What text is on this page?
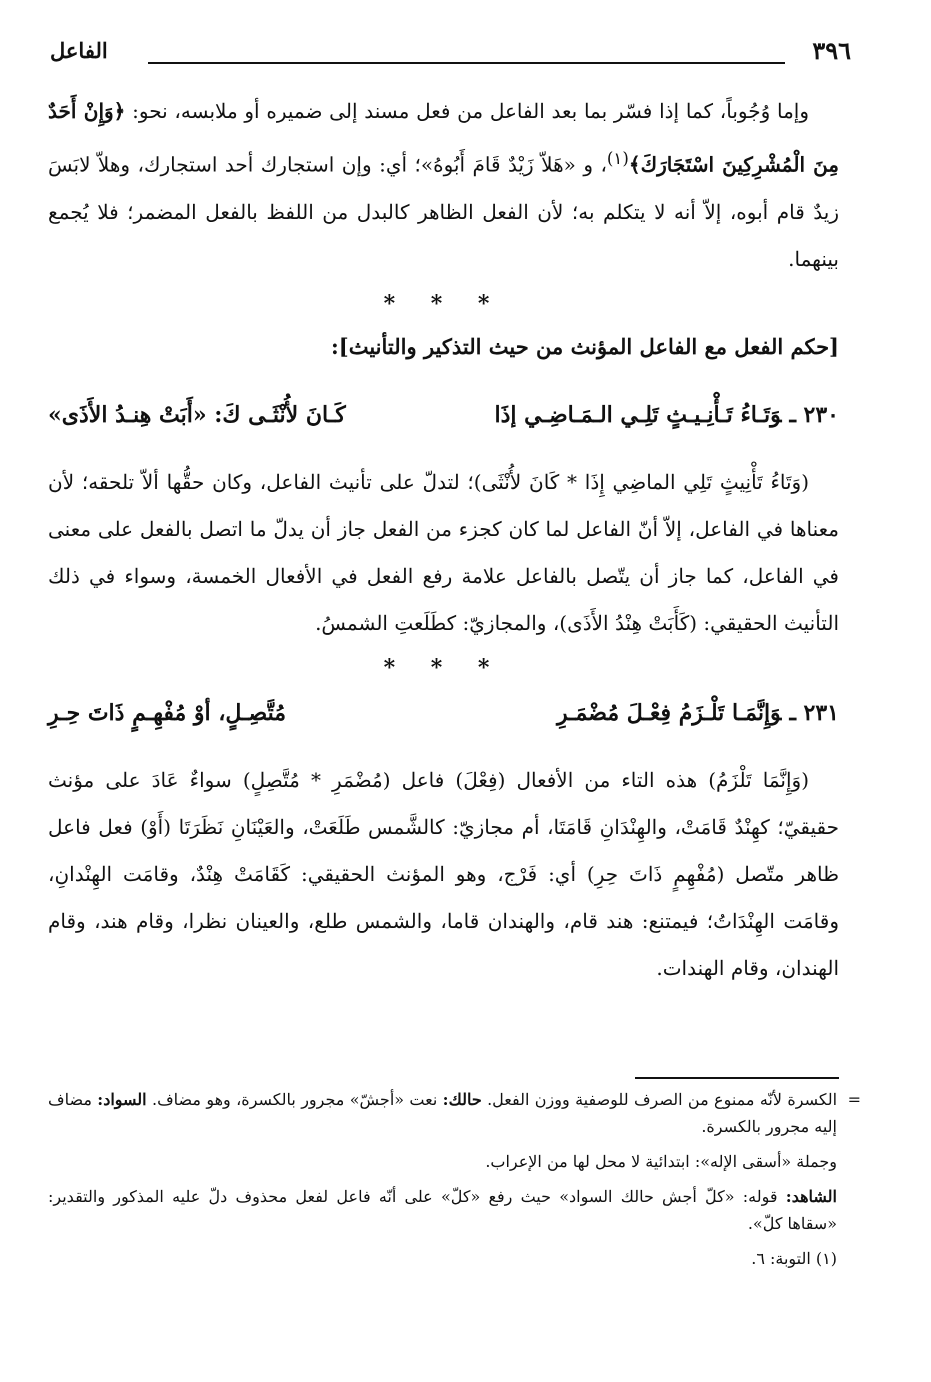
٣٩٦
الفاعل

وإما وُجُوباً، كما إذا فسّر بما بعد الفاعل من فعل مسند إلى ضميره أو ملابسه، نحو: ﴿وَإِنْ أَحَدٌ مِنَ الْمُشْرِكِينَ اسْتَجَارَكَ﴾$^{(١)}$، و «هَلاّ زَيْدٌ قَامَ أَبُوهُ»؛ أي: وإن استجارك أحد استجارك، وهلاّ لابَسَ زيدٌ قام أبوه، إلاّ أنه لا يتكلم به؛ لأن الفعل الظاهر كالبدل من اللفظ بالفعل المضمر؛ فلا يُجمع بينهما.

* * *
[حكم الفعل مع الفاعل المؤنث من حيث التذكير والتأنيث]:
٢٣٠ ـوَتَـاءُ تَـأْنِـيـثٍ تَلِـي الـمَـاضِـي إذَا
كَـانَ لأُنْثَـى كَ: «أَبَتْ هِنـدُ الأَذَى»

(وَتَاءُ تَأْنِيثٍ تَلِي الماضِي إِذَا * كَانَ لأُنْثَى)؛ لتدلّ على تأنيث الفاعل، وكان حقُّها ألاّ تلحقه؛ لأن معناها في الفاعل، إلاّ أنّ الفاعل لما كان كجزء من الفعل جاز أن يدلّ ما اتصل بالفعل على معنى في الفاعل، كما جاز أن يتّصل بالفاعل علامة رفع الفعل في الأفعال الخمسة، وسواء في ذلك التأنيث الحقيقي: (كَأَبَتْ هِنْدُ الأَذَى)، والمجازيّ: كطَلَعتِ الشمسُ.

* * *
٢٣١ ـوَإِنَّمَـا تَلْـزَمُ فِعْـلَ مُضْمَـرِ
مُتَّصِـلٍ، أوْ مُفْهِـمٍ ذَاتَ حِـرِ

(وَإِنَّمَا تَلْزَمُ) هذه التاء من الأفعال (فِعْلَ) فاعل (مُضْمَرِ * مُتَّصِلٍ) سواءٌ عَادَ على مؤنث حقيقيّ؛ كهِنْدٌ قَامَتْ، والهِنْدَانِ قَامَتَا، أم مجازيّ: كالشَّمس طَلَعَتْ، والعَيْنَانِ نَظَرَتَا (أَوْ) فعل فاعل ظاهر متّصل (مُفْهِمٍ ذَاتَ حِرِ) أي: فَرْج، وهو المؤنث الحقيقي: كَقَامَتْ هِنْدٌ، وقامَت الهِنْدانِ، وقامَت الهِنْدَاتُ؛ فيمتنع: هند قام، والهندان قاما، والشمس طلع، والعينان نظرا، وقام هند، وقام الهندان، وقام الهندات.

=
الكسرة لأنّه ممنوع من الصرف للوصفية ووزن الفعل. حالك: نعت «أجشّ» مجرور بالكسرة، وهو مضاف. السواد: مضاف إليه مجرور بالكسرة.

وجملة «أسقى الإله»: ابتدائية لا محل لها من الإعراب.

الشاهد: قوله: «كلّ أجش حالك السواد» حيث رفع «كلّ» على أنّه فاعل لفعل محذوف دلّ عليه المذكور والتقدير: «سقاها كلّ».

(١) التوبة: ٦.
